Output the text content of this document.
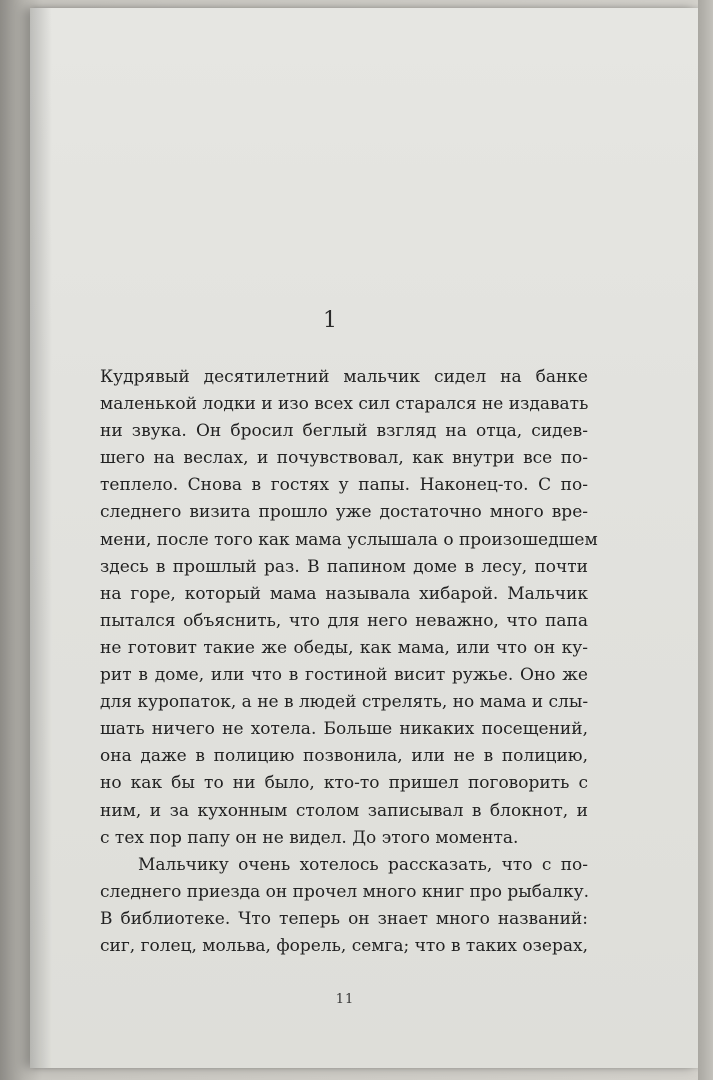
1
Кудрявый десятилетний мальчик сидел на банке
маленькой лодки и изо всех сил старался не издавать
ни звука. Он бросил беглый взгляд на отца, сидев-
шего на веслах, и почувствовал, как внутри все по-
теплело. Снова в гостях у папы. Наконец-то. С по-
следнего визита прошло уже достаточно много вре-
мени, после того как мама услышала о произошедшем
здесь в прошлый раз. В папином доме в лесу, почти
на горе, который мама называла хибарой. Мальчик
пытался объяснить, что для него неважно, что папа
не готовит такие же обеды, как мама, или что он ку-
рит в доме, или что в гостиной висит ружье. Оно же
для куропаток, а не в людей стрелять, но мама и слы-
шать ничего не хотела. Больше никаких посещений,
она даже в полицию позвонила, или не в полицию,
но как бы то ни было, кто-то пришел поговорить с
ним, и за кухонным столом записывал в блокнот, и
с тех пор папу он не видел. До этого момента.
Мальчику очень хотелось рассказать, что с по-
следнего приезда он прочел много книг про рыбалку.
В библиотеке. Что теперь он знает много названий:
сиг, голец, мольва, форель, семга; что в таких озерах,
11
